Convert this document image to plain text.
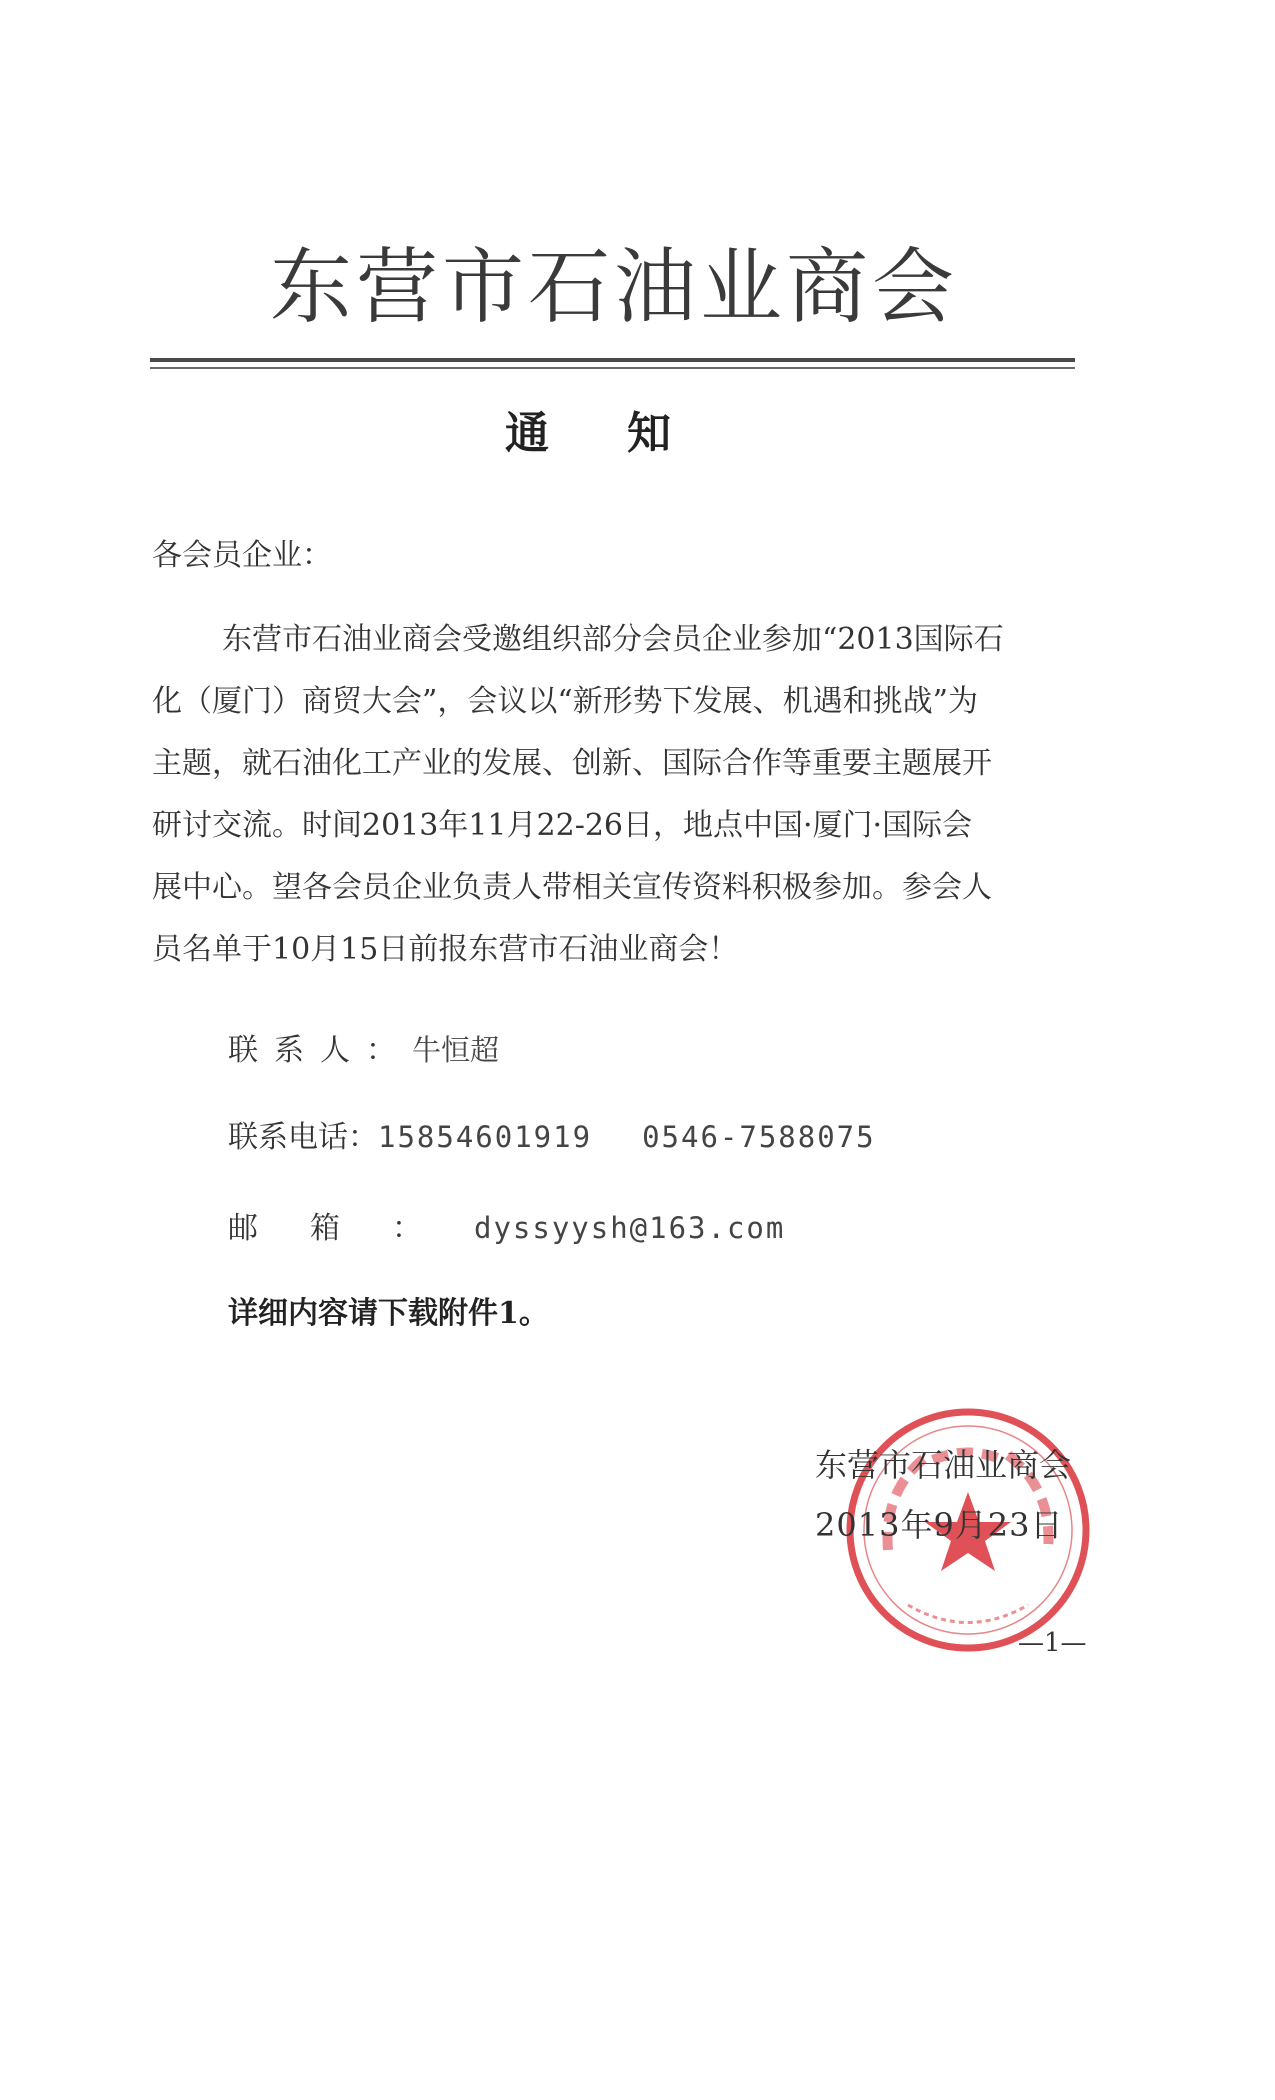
东营市石油业商会
通知
各会员企业：
东营市石油业商会受邀组织部分会员企业参加“2013国际石
化（厦门）商贸大会”，会议以“新形势下发展、机遇和挑战”为
主题，就石油化工产业的发展、创新、国际合作等重要主题展开
研讨交流。时间2013年11月22-26日，地点中国·厦门·国际会
展中心。望各会员企业负责人带相关宣传资料积极参加。参会人
员名单于10月15日前报东营市石油业商会！
联系人：牛恒超
联系电话：15854601919 0546-7588075
邮箱：dyssyysh@163.com
详细内容请下载附件1。
东营市石油业商会
2013年9月23日
—1—
